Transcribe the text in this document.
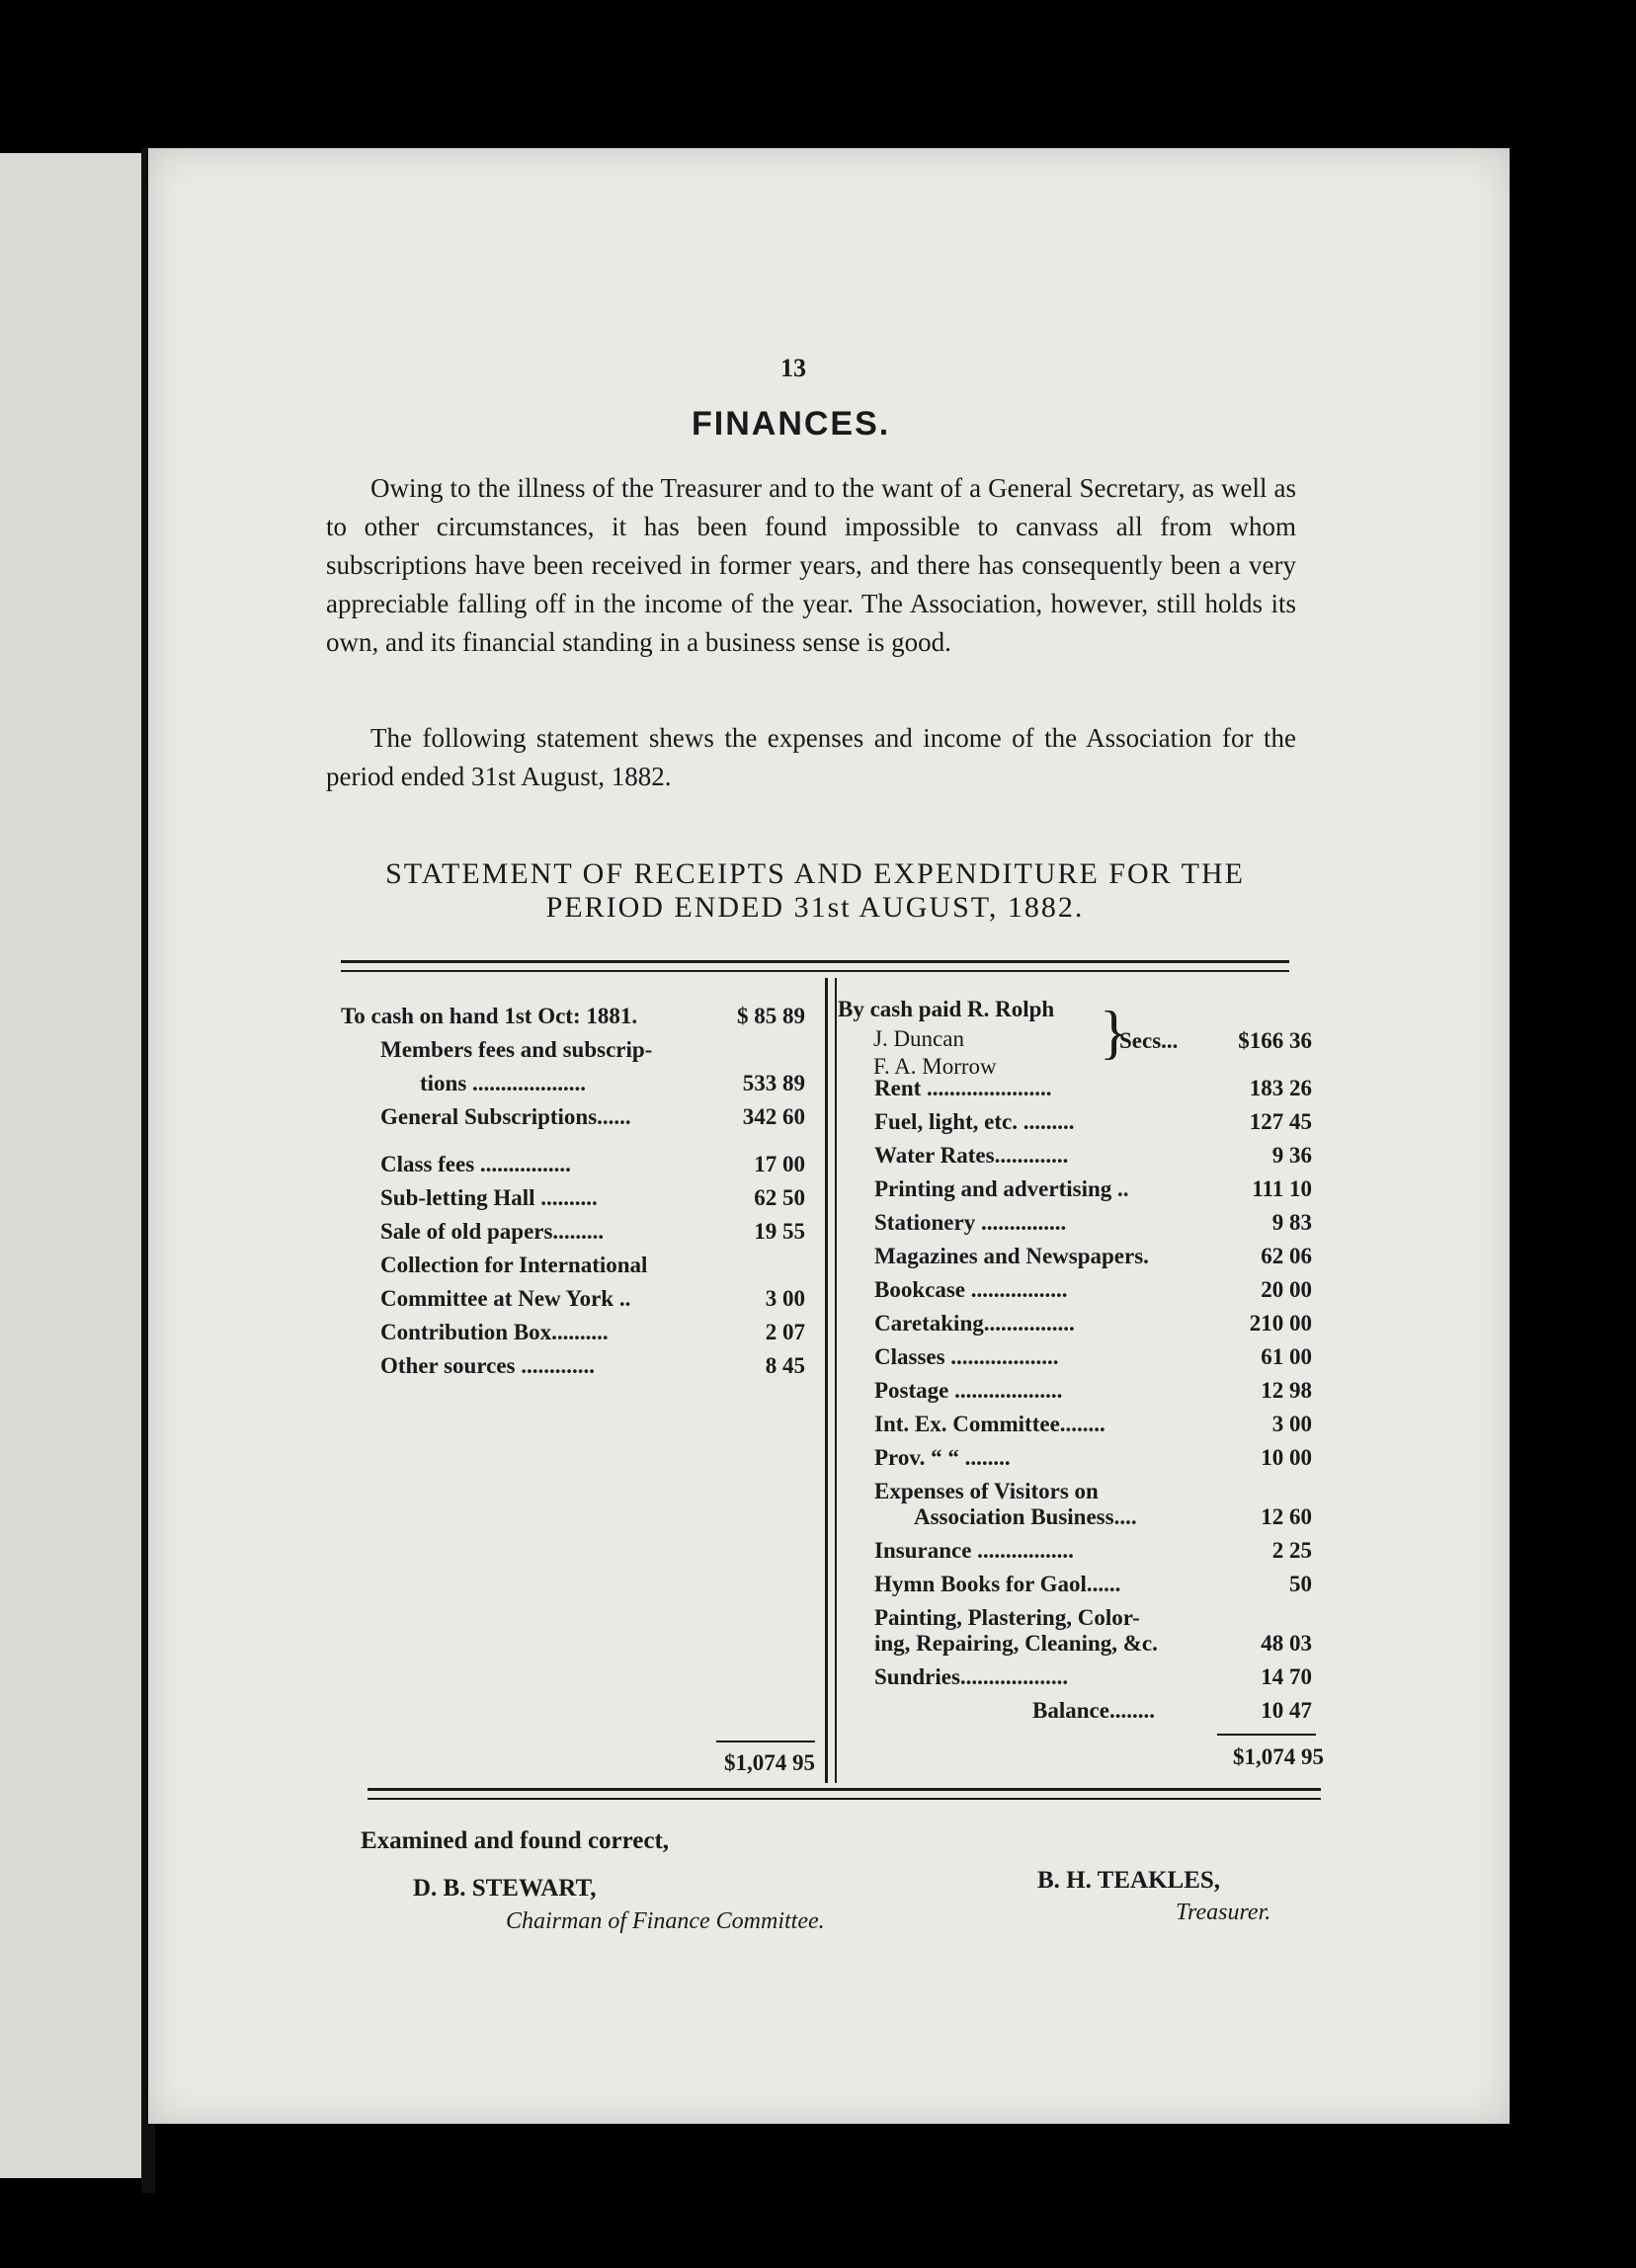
13
FINANCES.
Owing to the illness of the Treasurer and to the want of a General Secretary, as well as to other circumstances, it has been found impossible to canvass all from whom subscriptions have been received in former years, and there has consequently been a very appreciable falling off in the income of the year. The Association, however, still holds its own, and its financial standing in a business sense is good.
The following statement shews the expenses and income of the Association for the period ended 31st August, 1882.
STATEMENT OF RECEIPTS AND EXPENDITURE FOR THE
PERIOD ENDED 31st AUGUST, 1882.
To cash on hand 1st Oct: 1881.	$ 85 89
Members fees and subscrip-
tions ....................	533 89
General Subscriptions......	342 60
Class fees ................	17 00
Sub-letting Hall ..........	62 50
Sale of old papers.........	19 55
Collection for International
Committee at New York ..	3 00
Contribution Box..........	2 07
Other sources .............	8 45
$1,074 95
By cash paid R. Rolph
J. Duncan
F. A. Morrow
}
Secs...	$166 36
Rent ......................	183 26
Fuel, light, etc. .........	127 45
Water Rates.............	9 36
Printing and advertising ..	111 10
Stationery ...............	9 83
Magazines and Newspapers.	62 06
Bookcase .................	20 00
Caretaking................	210 00
Classes ...................	61 00
Postage ...................	12 98
Int. Ex. Committee........	3 00
Prov. “ “ ........	10 00
Expenses of Visitors on
Association Business....	12 60
Insurance .................	2 25
Hymn Books for Gaol......	50
Painting, Plastering, Color-
ing, Repairing, Cleaning, &c.	48 03
Sundries...................	14 70
Balance........	10 47
$1,074 95
Examined and found correct,
D. B. STEWART,
Chairman of Finance Committee.
B. H. TEAKLES,
Treasurer.
